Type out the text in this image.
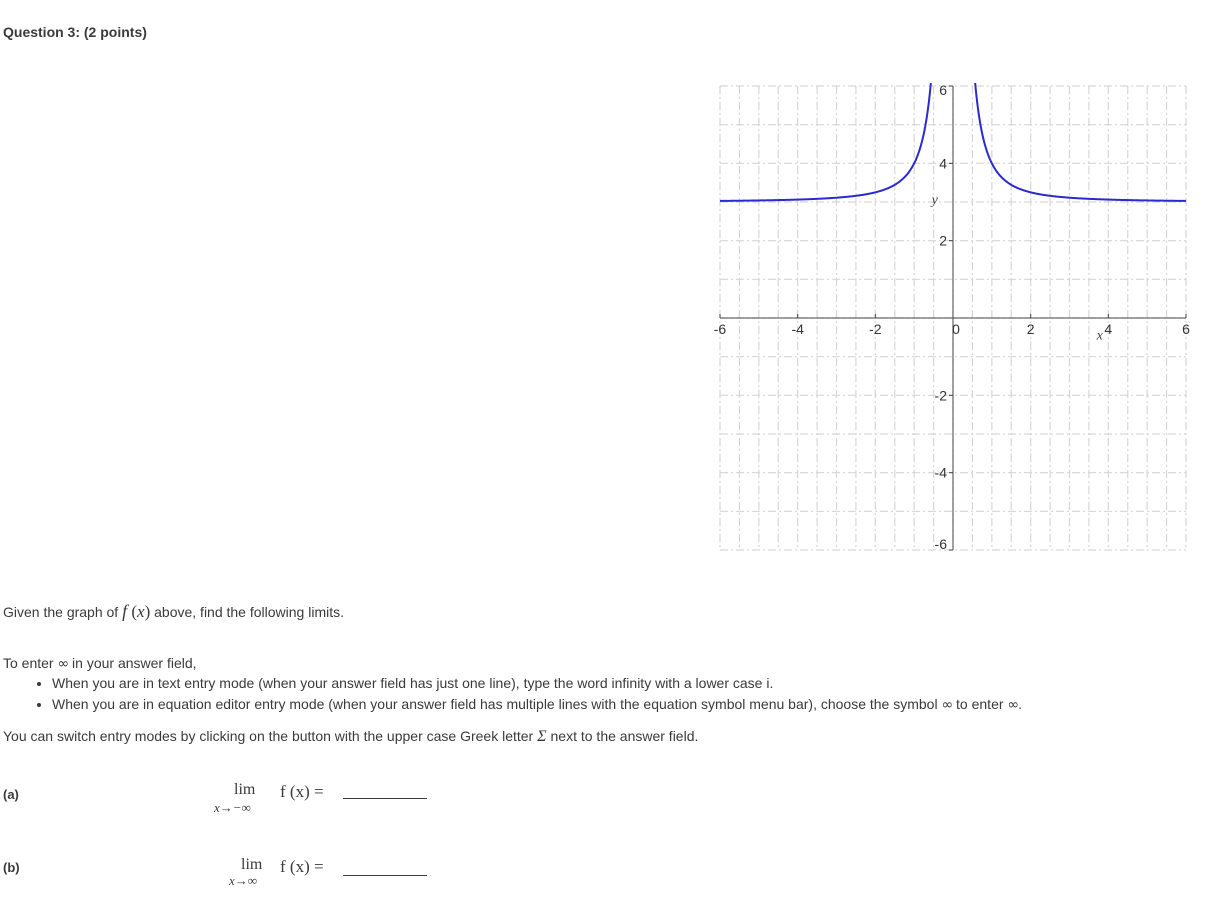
Question 3: (2 points)
-6	-4	-2	0	2	4	6
6
4
2
-2
-4
-6
x
y
Given the graph of f (x) above, find the following limits.
To enter ∞ in your answer field,
• When you are in text entry mode (when your answer field has just one line), type the word infinity with a lower case i.
• When you are in equation editor entry mode (when your answer field has multiple lines with the equation symbol menu bar), choose the symbol ∞ to enter ∞.
You can switch entry modes by clicking on the button with the upper case Greek letter Σ next to the answer field.
(a)	lim
x→−∞
f (x) =
(b)	lim
x→∞
f (x) =
